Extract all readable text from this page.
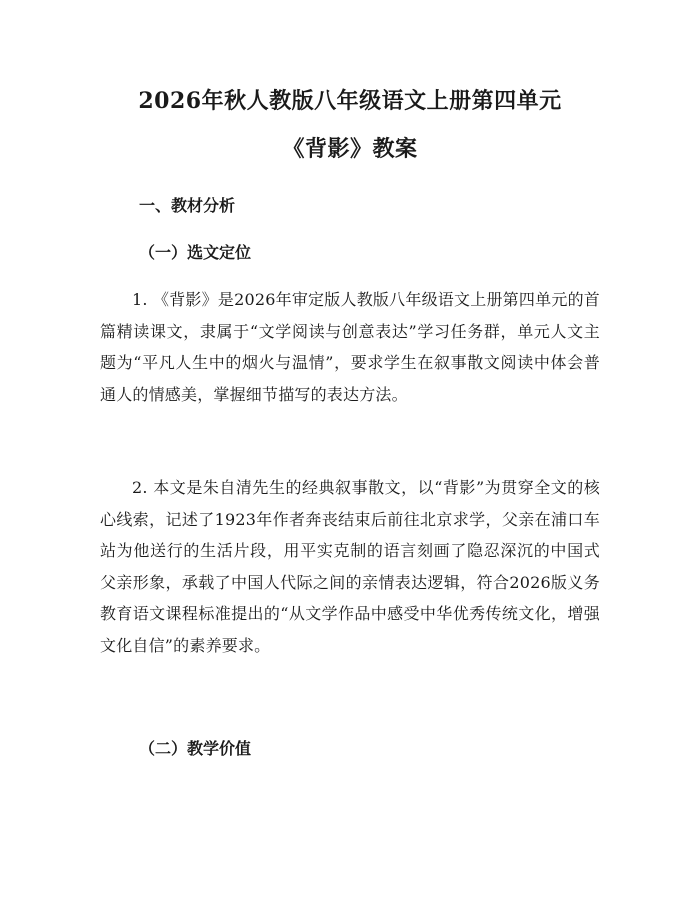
2026年秋人教版八年级语文上册第四单元
《背影》教案
一、教材分析
（一）选文定位

1. 《背影》是2026年审定版人教版八年级语文上册第四单元的首篇精读课文，隶属于“文学阅读与创意表达”学习任务群，单元人文主题为“平凡人生中的烟火与温情”，要求学生在叙事散文阅读中体会普通人的情感美，掌握细节描写的表达方法。

2. 本文是朱自清先生的经典叙事散文，以“背影”为贯穿全文的核心线索，记述了1923年作者奔丧结束后前往北京求学，父亲在浦口车站为他送行的生活片段，用平实克制的语言刻画了隐忍深沉的中国式父亲形象，承载了中国人代际之间的亲情表达逻辑，符合2026版义务教育语文课程标准提出的“从文学作品中感受中华优秀传统文化，增强文化自信”的素养要求。

（二）教学价值
